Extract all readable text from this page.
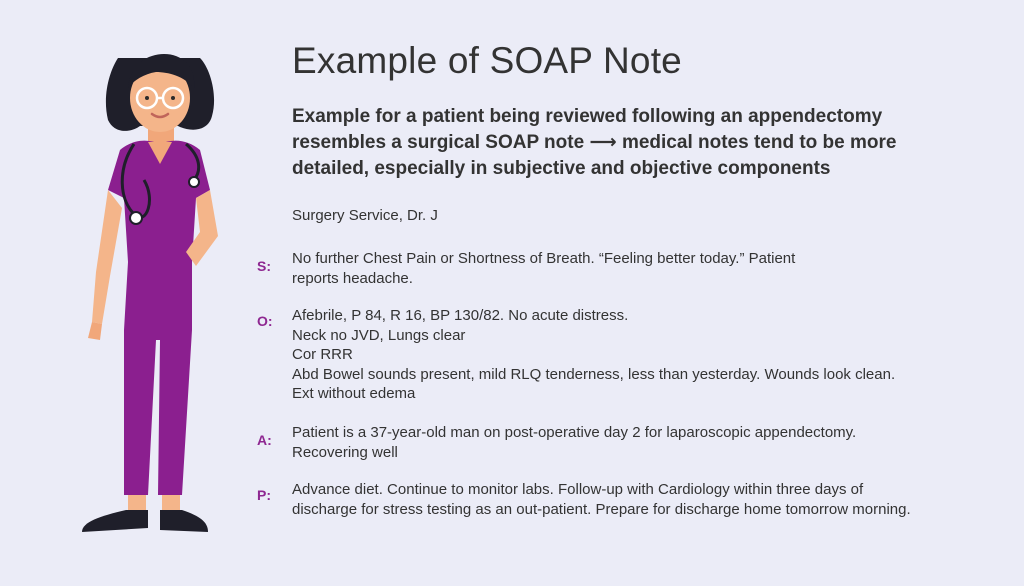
Example of SOAP Note
Example for a patient being reviewed following an appendectomy
resembles a surgical SOAP note ⟶ medical notes tend to be more
detailed, especially in subjective and objective components
Surgery Service, Dr. J
S: No further Chest Pain or Shortness of Breath. “Feeling better today.” Patient
reports headache.
O: Afebrile, P 84, R 16, BP 130/82. No acute distress.
Neck no JVD, Lungs clear
Cor RRR
Abd Bowel sounds present, mild RLQ tenderness, less than yesterday. Wounds look clean.
Ext without edema
A: Patient is a 37-year-old man on post-operative day 2 for laparoscopic appendectomy.
Recovering well
P: Advance diet. Continue to monitor labs. Follow-up with Cardiology within three days of
discharge for stress testing as an out-patient. Prepare for discharge home tomorrow morning.
